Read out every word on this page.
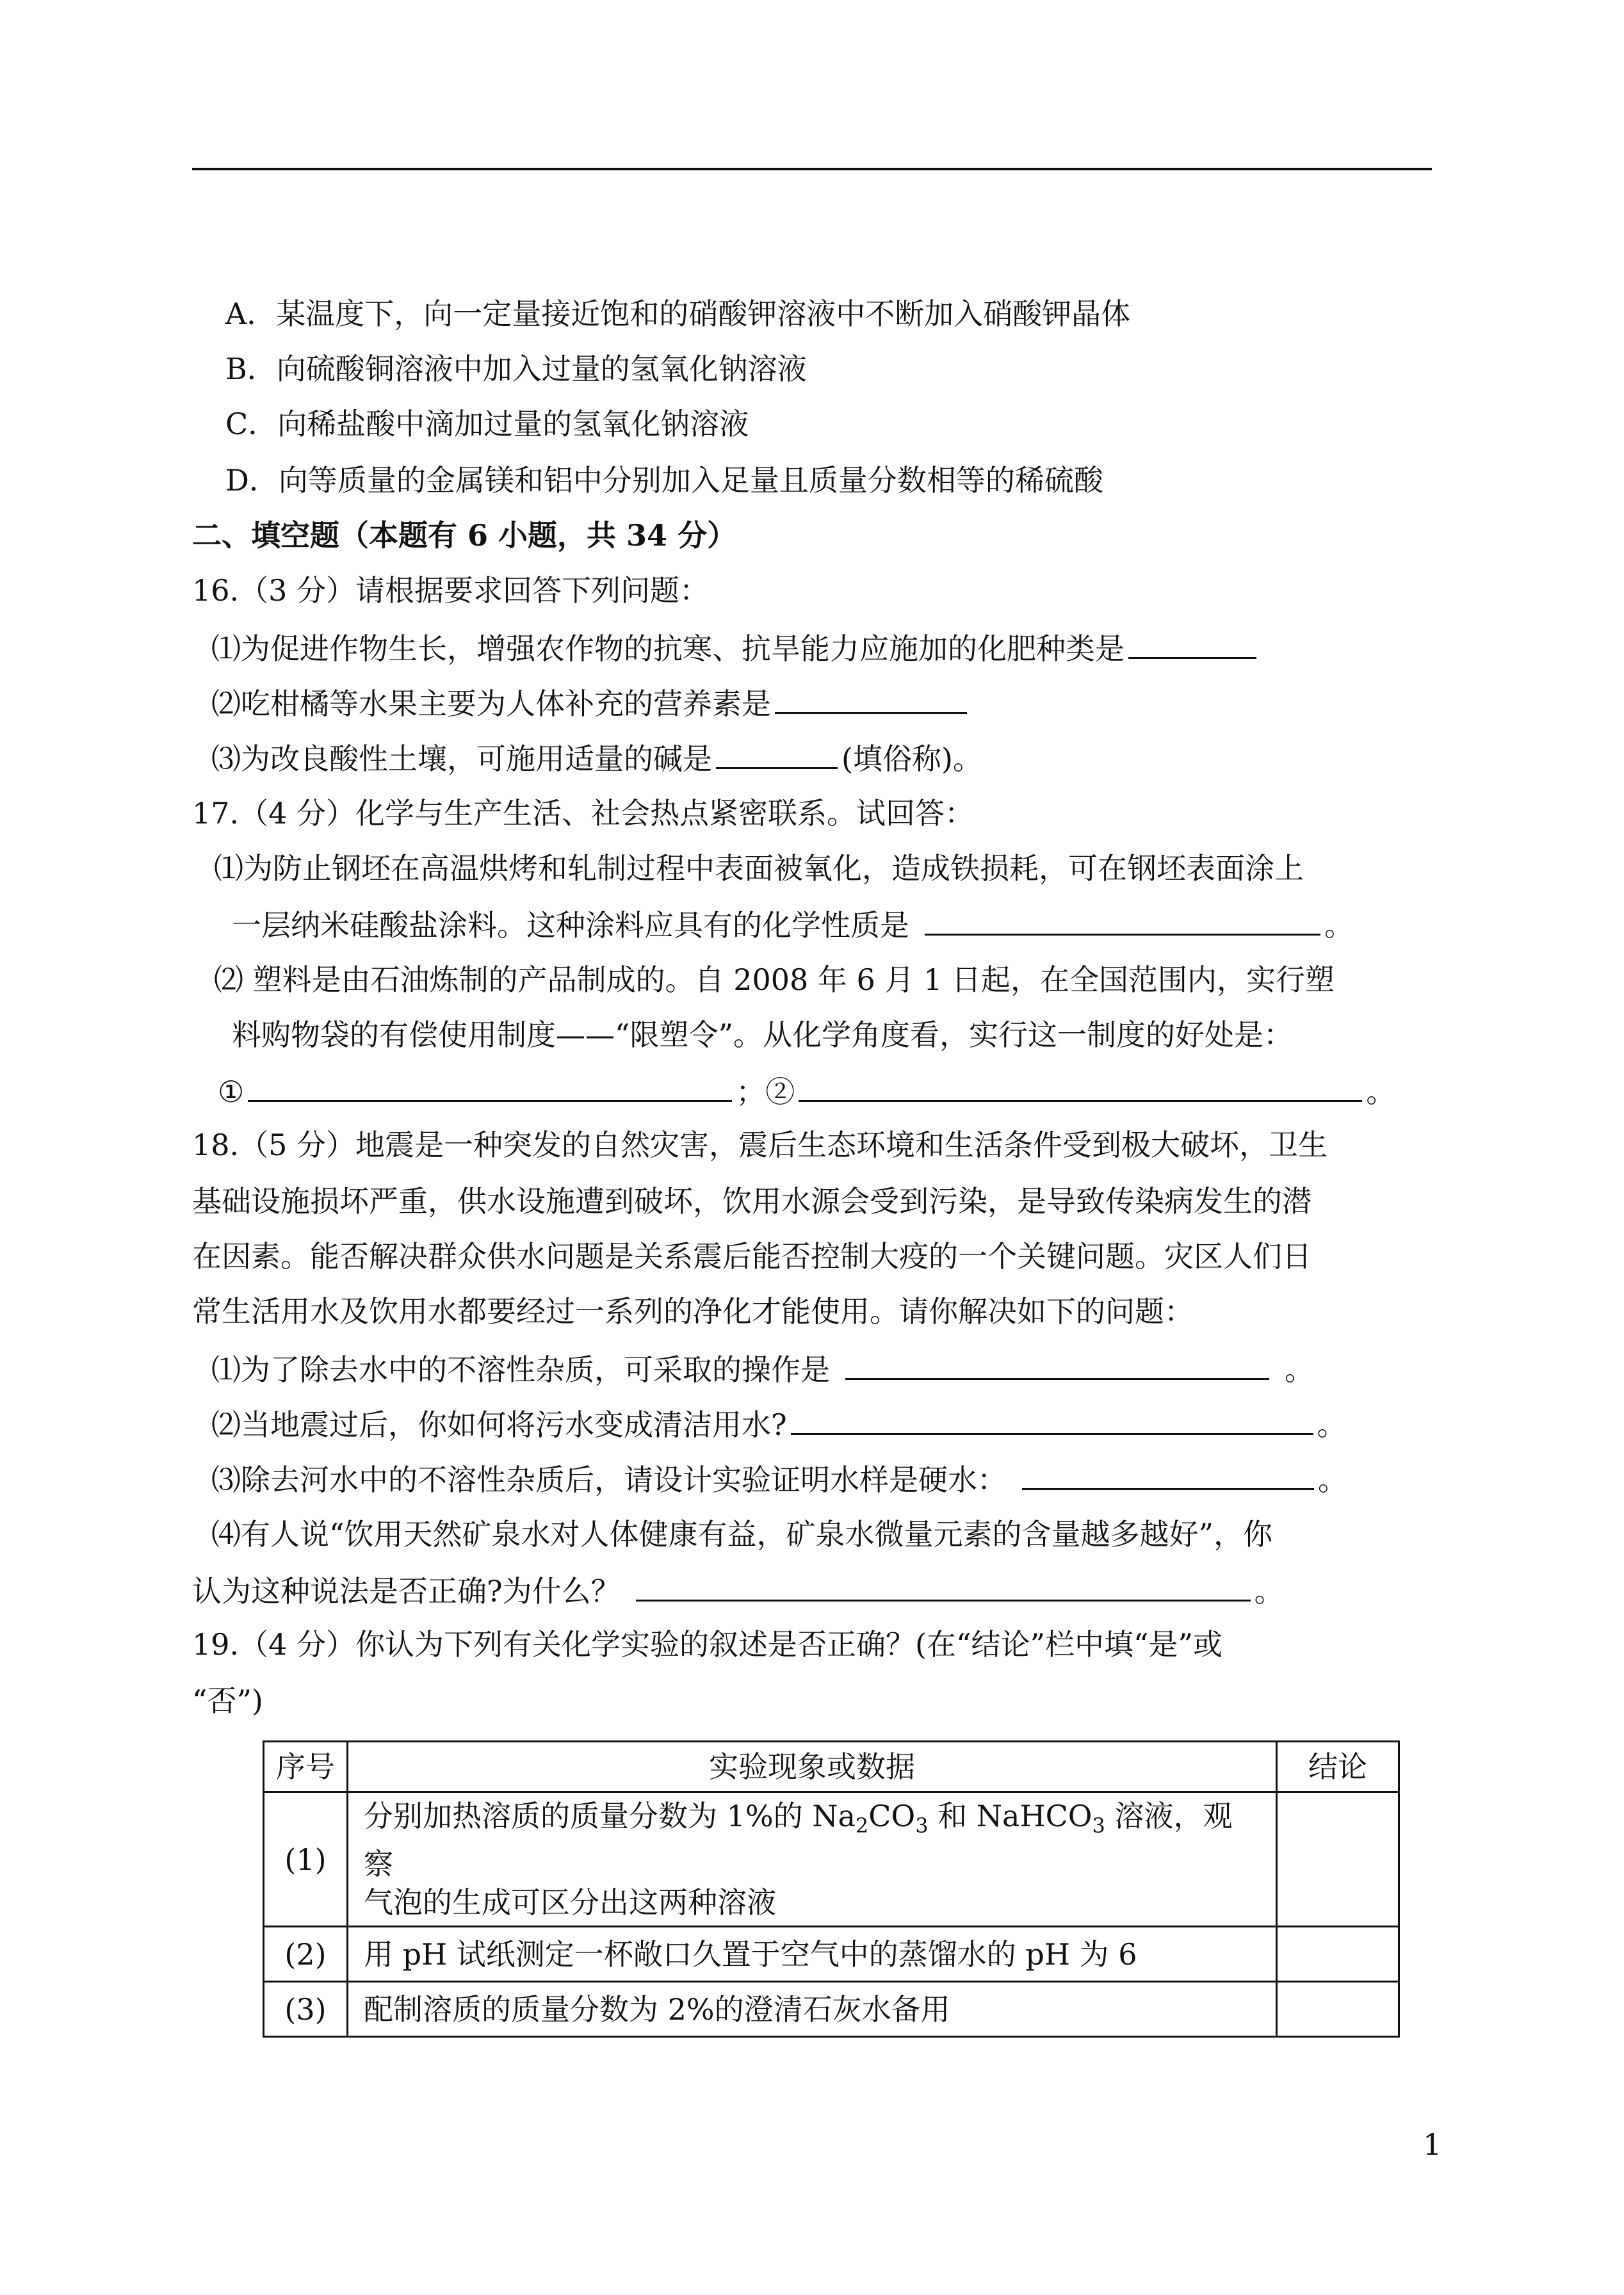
A．某温度下，向一定量接近饱和的硝酸钾溶液中不断加入硝酸钾晶体
B．向硫酸铜溶液中加入过量的氢氧化钠溶液
C．向稀盐酸中滴加过量的氢氧化钠溶液
D．向等质量的金属镁和铝中分别加入足量且质量分数相等的稀硫酸
二、填空题（本题有 6 小题，共 34 分）
16.（3 分）请根据要求回答下列问题：
⑴为促进作物生长，增强农作物的抗寒、抗旱能力应施加的化肥种类是
⑵吃柑橘等水果主要为人体补充的营养素是
⑶为改良酸性土壤，可施用适量的碱是	(填俗称)。
17.（4 分）化学与生产生活、社会热点紧密联系。试回答：
⑴为防止钢坯在高温烘烤和轧制过程中表面被氧化，造成铁损耗，可在钢坯表面涂上
一层纳米硅酸盐涂料。这种涂料应具有的化学性质是	。
⑵ 塑料是由石油炼制的产品制成的。自 2008 年 6 月 1 日起，在全国范围内，实行塑
料购物袋的有偿使用制度——“限塑令”。从化学角度看，实行这一制度的好处是：
①	；②	。
18.（5 分）地震是一种突发的自然灾害，震后生态环境和生活条件受到极大破坏，卫生
基础设施损坏严重，供水设施遭到破坏，饮用水源会受到污染，是导致传染病发生的潜
在因素。能否解决群众供水问题是关系震后能否控制大疫的一个关键问题。灾区人们日
常生活用水及饮用水都要经过一系列的净化才能使用。请你解决如下的问题：
⑴为了除去水中的不溶性杂质，可采取的操作是	。
⑵当地震过后，你如何将污水变成清洁用水?	。
⑶除去河水中的不溶性杂质后，请设计实验证明水样是硬水：	。
⑷有人说“饮用天然矿泉水对人体健康有益，矿泉水微量元素的含量越多越好”，你
认为这种说法是否正确?为什么？	。
19.（4 分）你认为下列有关化学实验的叙述是否正确？(在“结论”栏中填“是”或
“否”)
序号	实验现象或数据	结论
(1)	分别加热溶质的质量分数为 1%的 $Na_2CO_3$ 和 NaHCO$_3$ 溶液，观察
气泡的生成可区分出这两种溶液	
(2)	用 pH 试纸测定一杯敞口久置于空气中的蒸馏水的 pH 为 6	
(3)	配制溶质的质量分数为 2%的澄清石灰水备用	
1
